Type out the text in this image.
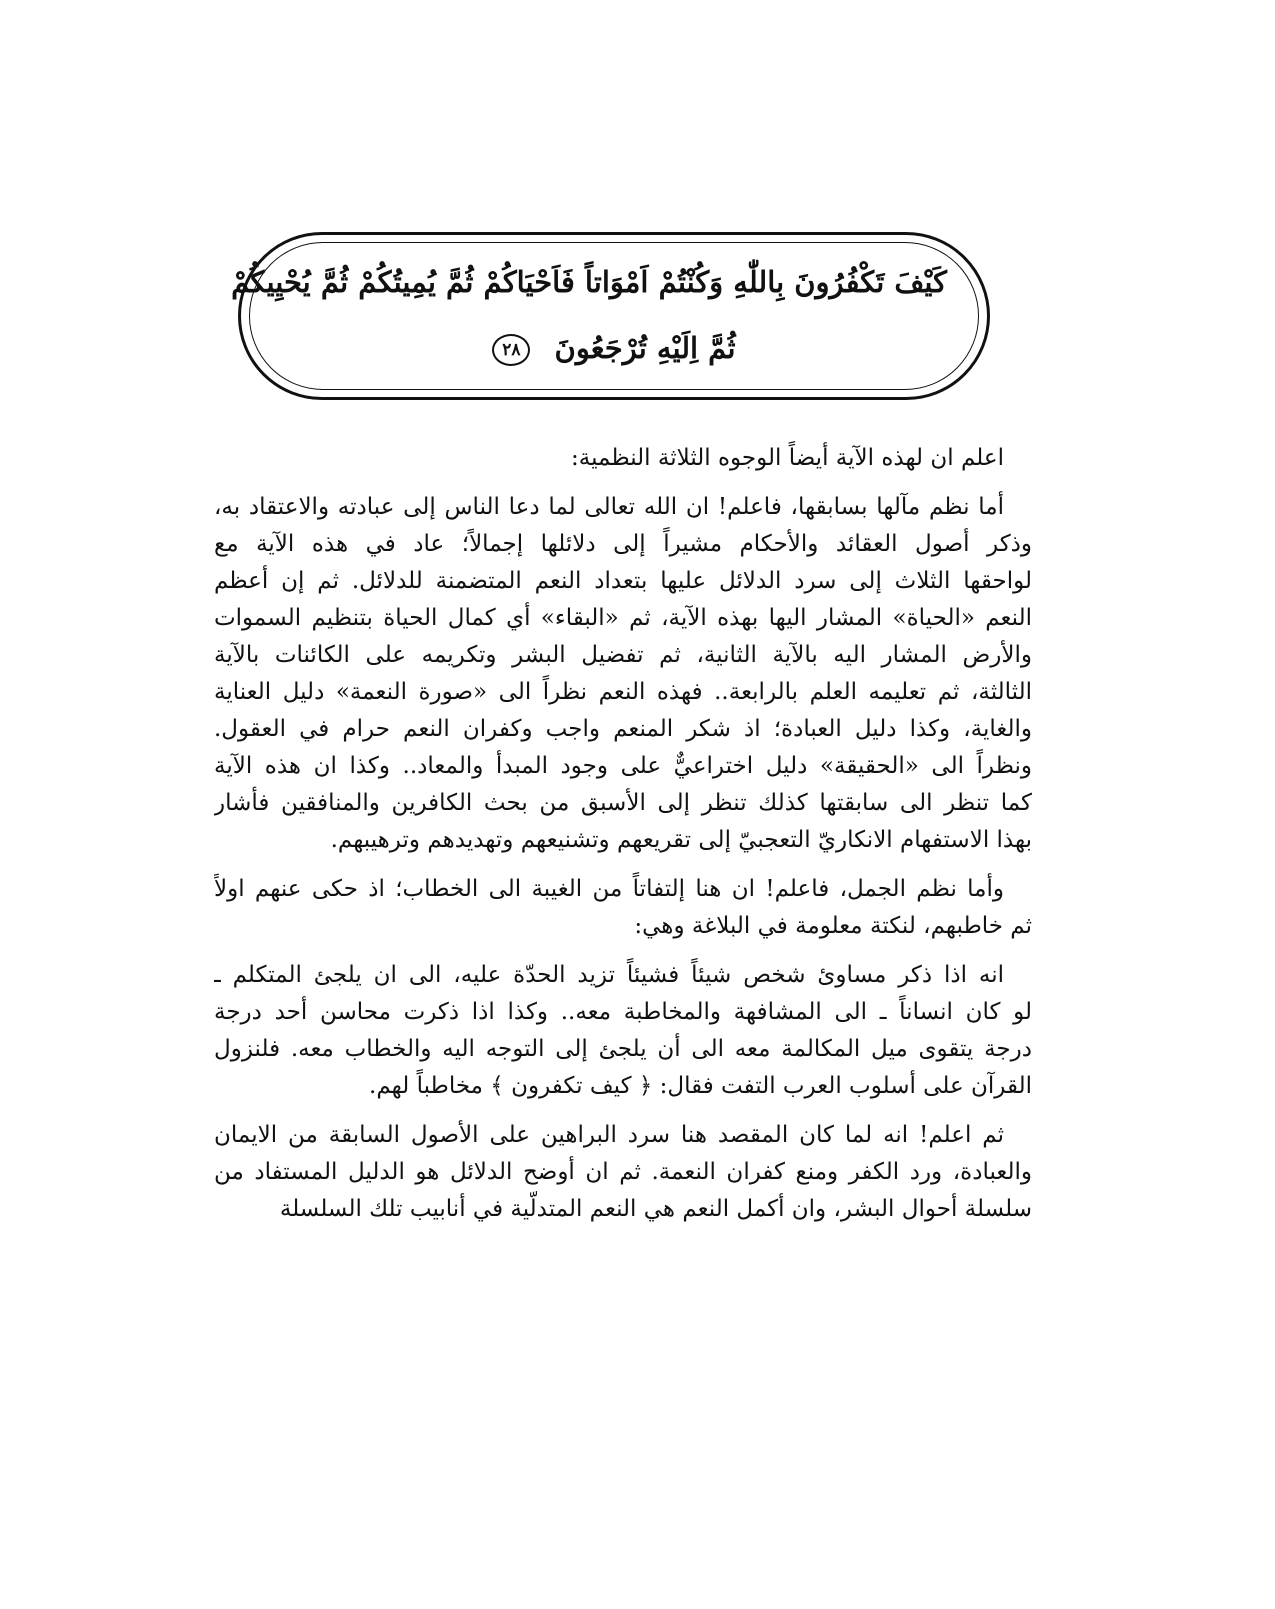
كَيْفَ تَكْفُرُونَ بِاللّٰهِ وَكُنْتُمْ اَمْوَاتاً فَاَحْيَاكُمْ ثُمَّ يُمِيتُكُمْ ثُمَّ يُحْيِيكُمْ
ثُمَّ اِلَيْهِ تُرْجَعُونَ ٢٨
اعلم ان لهذه الآية أيضاً الوجوه الثلاثة النظمية:
أما نظم مآلها بسابقها، فاعلم! ان الله تعالى لما دعا الناس إلى عبادته والاعتقاد به،
وذكر أصول العقائد والأحكام مشيراً إلى دلائلها إجمالاً؛ عاد في هذه الآية مع
لواحقها الثلاث إلى سرد الدلائل عليها بتعداد النعم المتضمنة للدلائل. ثم إن أعظم
النعم «الحياة» المشار اليها بهذه الآية، ثم «البقاء» أي كمال الحياة بتنظيم السموات
والأرض المشار اليه بالآية الثانية، ثم تفضيل البشر وتكريمه على الكائنات بالآية
الثالثة، ثم تعليمه العلم بالرابعة.. فهذه النعم نظراً الى «صورة النعمة» دليل العناية
والغاية، وكذا دليل العبادة؛ اذ شكر المنعم واجب وكفران النعم حرام في العقول.
ونظراً الى «الحقيقة» دليل اختراعيٌّ على وجود المبدأ والمعاد.. وكذا ان هذه الآية
كما تنظر الى سابقتها كذلك تنظر إلى الأسبق من بحث الكافرين والمنافقين فأشار
بهذا الاستفهام الانكاريّ التعجبيّ إلى تقريعهم وتشنيعهم وتهديدهم وترهيبهم.
وأما نظم الجمل، فاعلم! ان هنا إلتفاتاً من الغيبة الى الخطاب؛ اذ حكى عنهم اولاً
ثم خاطبهم، لنكتة معلومة في البلاغة وهي:
انه اذا ذكر مساوئ شخص شيئاً فشيئاً تزيد الحدّة عليه، الى ان يلجئ المتكلم ـ
لو كان انساناً ـ الى المشافهة والمخاطبة معه.. وكذا اذا ذكرت محاسن أحد درجة
درجة يتقوى ميل المكالمة معه الى أن يلجئ إلى التوجه اليه والخطاب معه. فلنزول
القرآن على أسلوب العرب التفت فقال: ﴿ كيف تكفرون ﴾ مخاطباً لهم.
ثم اعلم! انه لما كان المقصد هنا سرد البراهين على الأصول السابقة من الايمان
والعبادة، ورد الكفر ومنع كفران النعمة. ثم ان أوضح الدلائل هو الدليل المستفاد من
سلسلة أحوال البشر، وان أكمل النعم هي النعم المتدلّية في أنابيب تلك السلسلة
